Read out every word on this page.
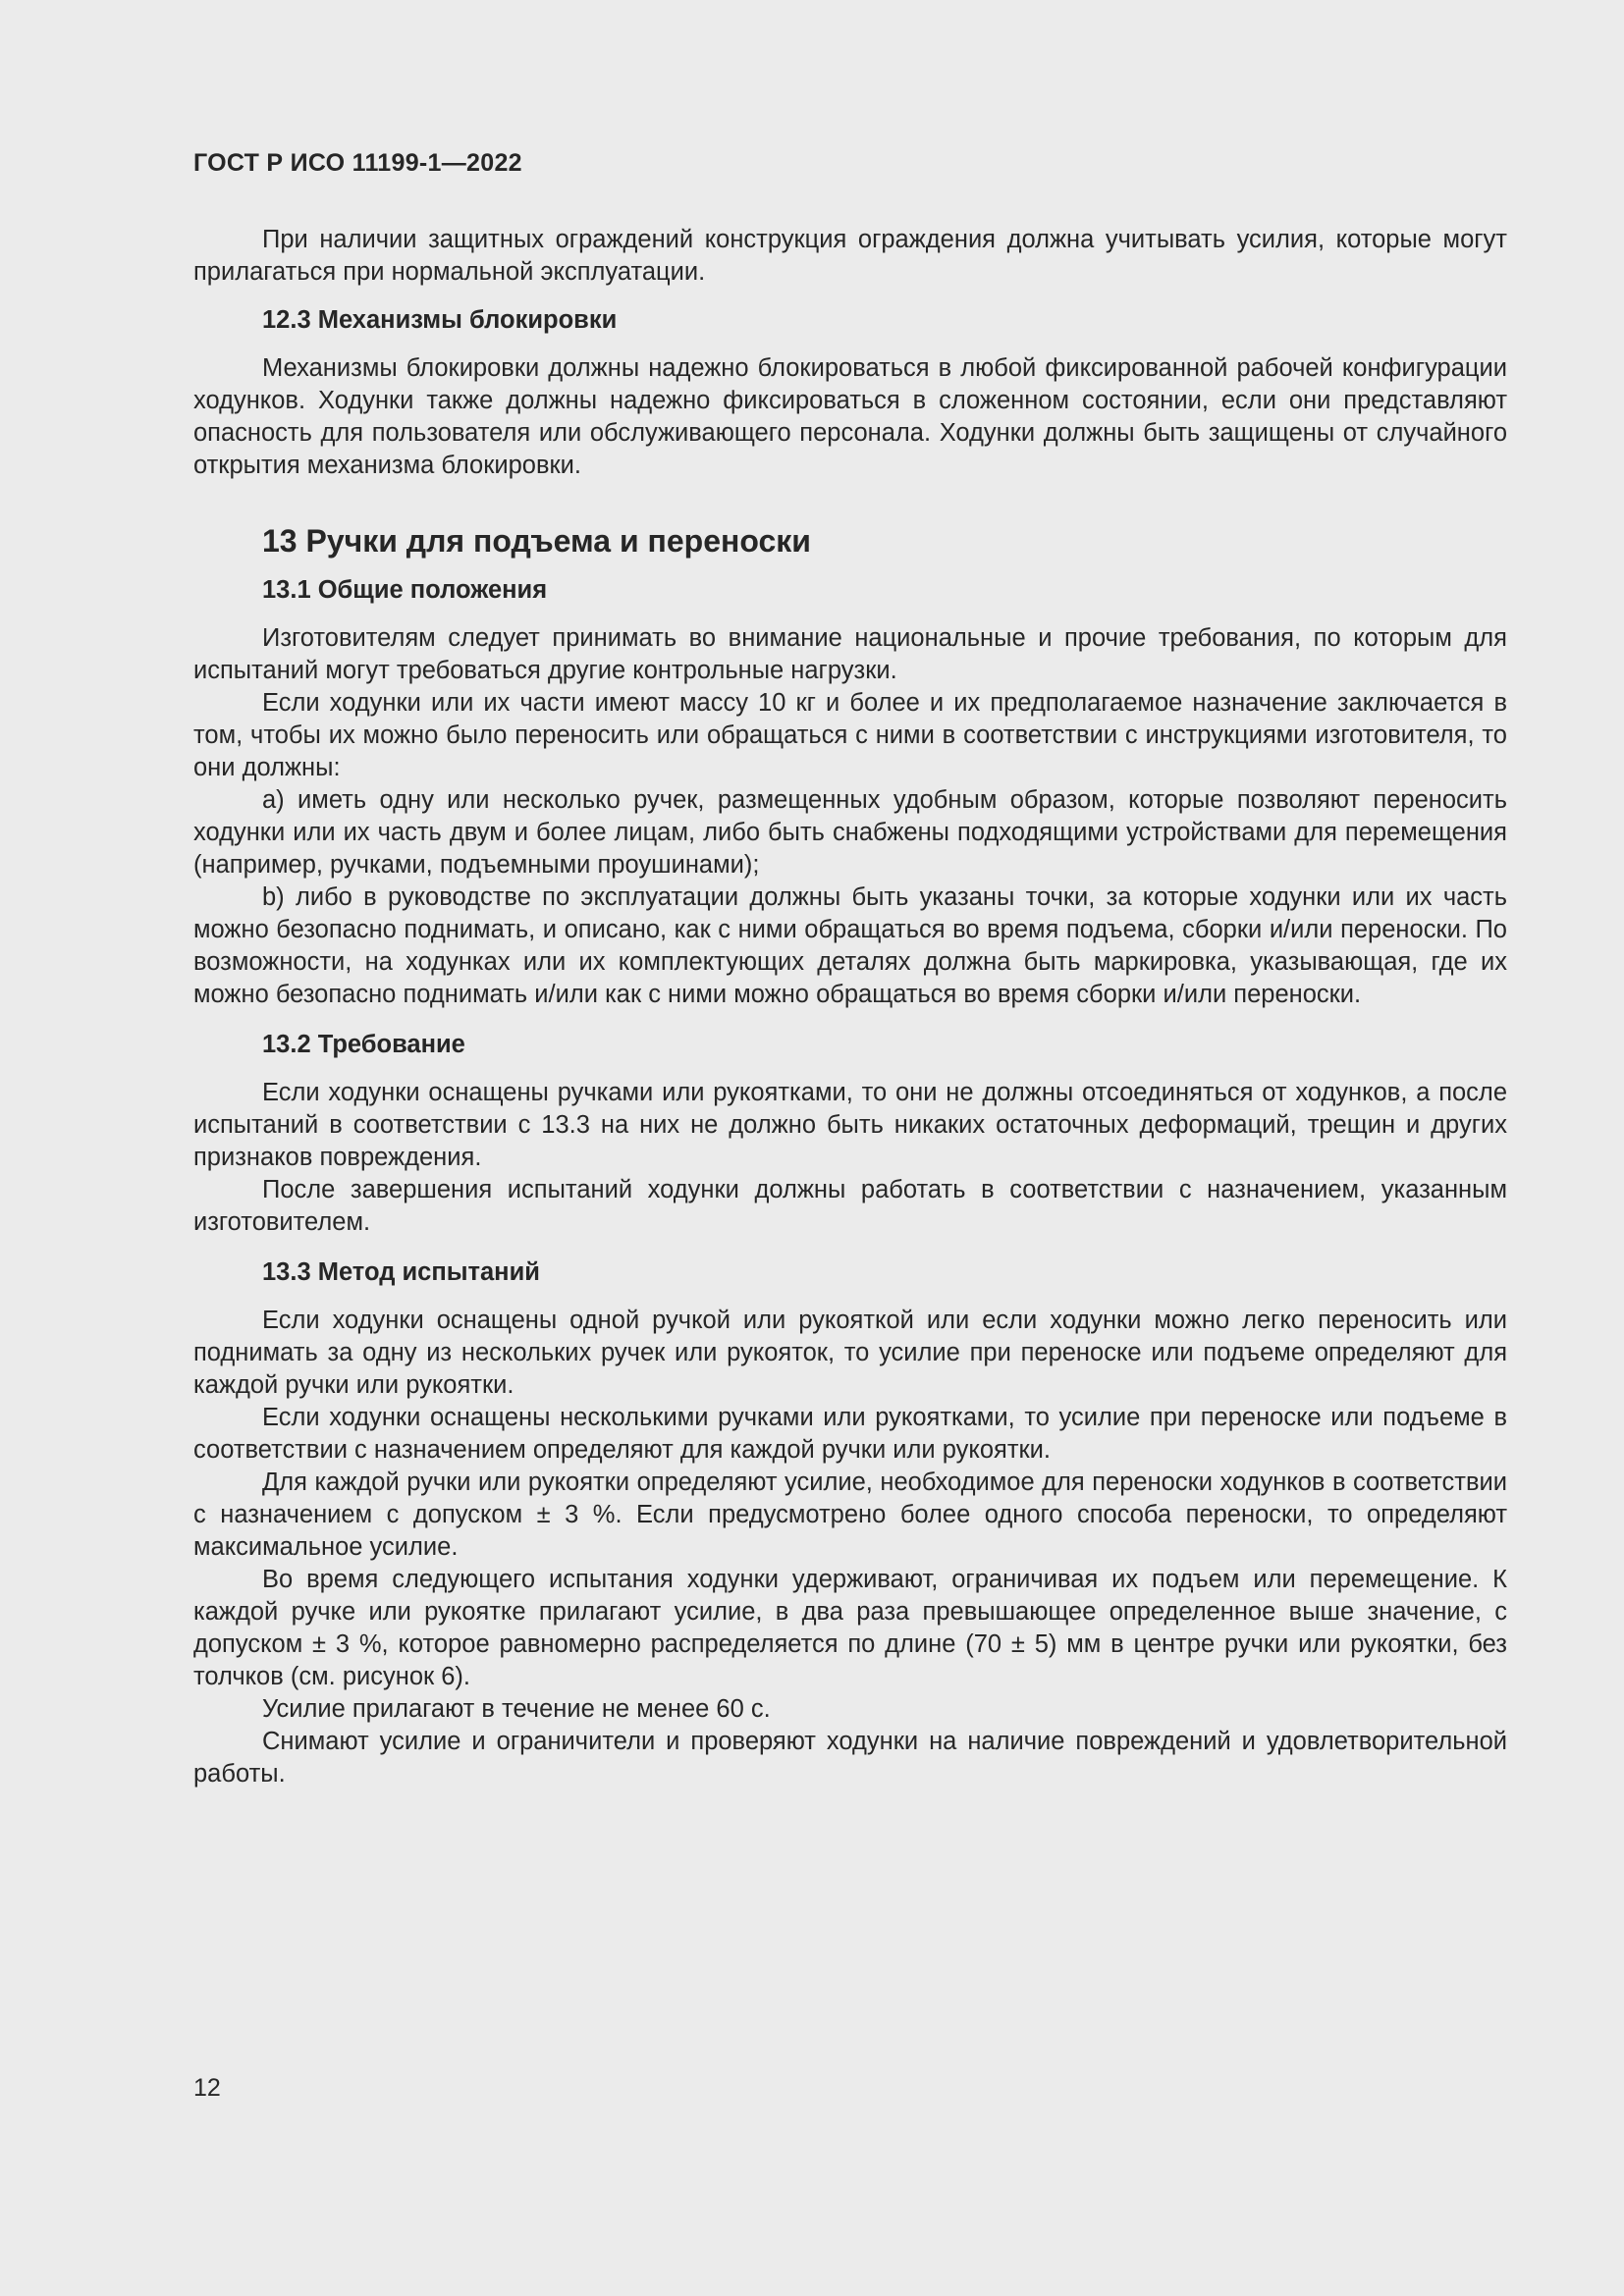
ГОСТ Р ИСО 11199-1—2022

При наличии защитных ограждений конструкция ограждения должна учитывать усилия, которые могут прилагаться при нормальной эксплуатации.

12.3 Механизмы блокировки

Механизмы блокировки должны надежно блокироваться в любой фиксированной рабочей конфигурации ходунков. Ходунки также должны надежно фиксироваться в сложенном состоянии, если они представляют опасность для пользователя или обслуживающего персонала. Ходунки должны быть защищены от случайного открытия механизма блокировки.

13 Ручки для подъема и переноски
13.1 Общие положения

Изготовителям следует принимать во внимание национальные и прочие требования, по которым для испытаний могут требоваться другие контрольные нагрузки.

Если ходунки или их части имеют массу 10 кг и более и их предполагаемое назначение заключается в том, чтобы их можно было переносить или обращаться с ними в соответствии с инструкциями изготовителя, то они должны:

a) иметь одну или несколько ручек, размещенных удобным образом, которые позволяют переносить ходунки или их часть двум и более лицам, либо быть снабжены подходящими устройствами для перемещения (например, ручками, подъемными проушинами);

b) либо в руководстве по эксплуатации должны быть указаны точки, за которые ходунки или их часть можно безопасно поднимать, и описано, как с ними обращаться во время подъема, сборки и/или переноски. По возможности, на ходунках или их комплектующих деталях должна быть маркировка, указывающая, где их можно безопасно поднимать и/или как с ними можно обращаться во время сборки и/или переноски.

13.2 Требование

Если ходунки оснащены ручками или рукоятками, то они не должны отсоединяться от ходунков, а после испытаний в соответствии с 13.3 на них не должно быть никаких остаточных деформаций, трещин и других признаков повреждения.

После завершения испытаний ходунки должны работать в соответствии с назначением, указанным изготовителем.

13.3 Метод испытаний

Если ходунки оснащены одной ручкой или рукояткой или если ходунки можно легко переносить или поднимать за одну из нескольких ручек или рукояток, то усилие при переноске или подъеме определяют для каждой ручки или рукоятки.

Если ходунки оснащены несколькими ручками или рукоятками, то усилие при переноске или подъеме в соответствии с назначением определяют для каждой ручки или рукоятки.

Для каждой ручки или рукоятки определяют усилие, необходимое для переноски ходунков в соответствии с назначением с допуском ± 3 %. Если предусмотрено более одного способа переноски, то определяют максимальное усилие.

Во время следующего испытания ходунки удерживают, ограничивая их подъем или перемещение. К каждой ручке или рукоятке прилагают усилие, в два раза превышающее определенное выше значение, с допуском ± 3 %, которое равномерно распределяется по длине (70 ± 5) мм в центре ручки или рукоятки, без толчков (см. рисунок 6).

Усилие прилагают в течение не менее 60 с.

Снимают усилие и ограничители и проверяют ходунки на наличие повреждений и удовлетворительной работы.

12
